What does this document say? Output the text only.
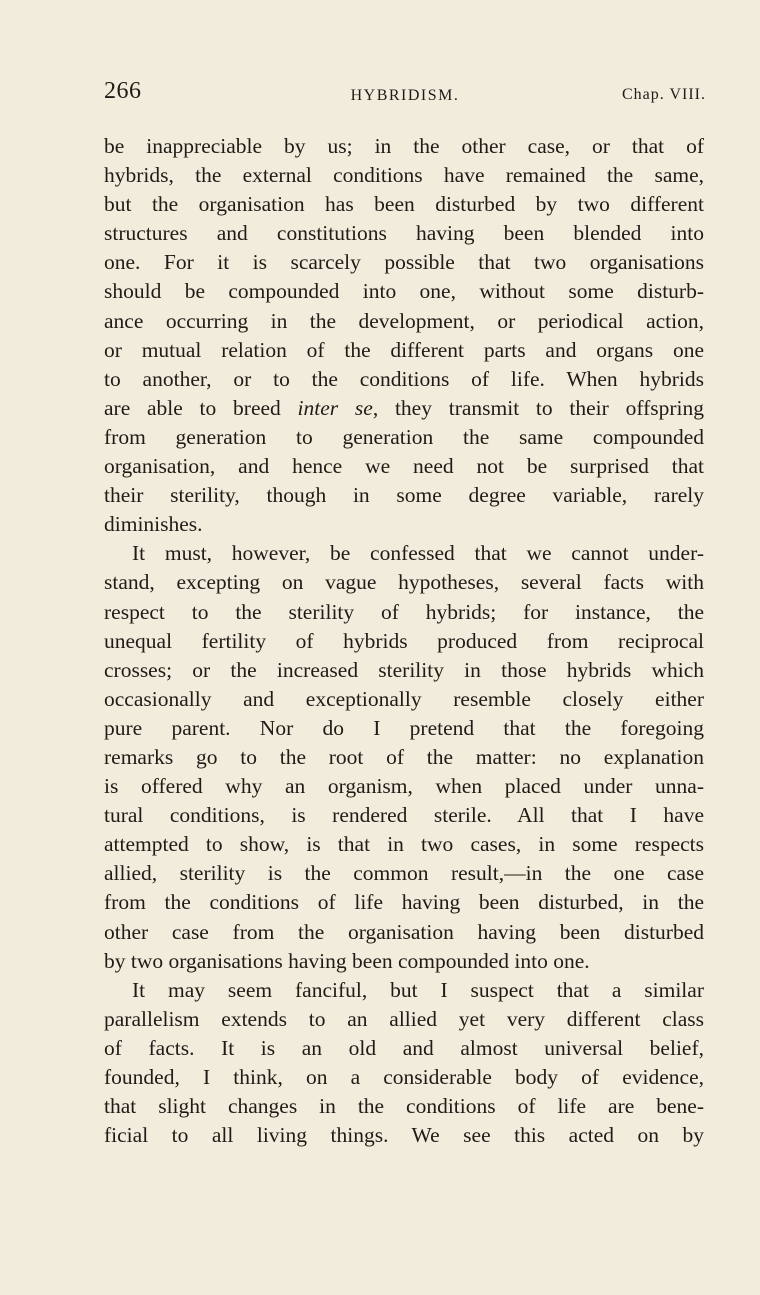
266	HYBRIDISM.	Chap. VIII.
be inappreciable by us; in the other case, or that of
hybrids, the external conditions have remained the same,
but the organisation has been disturbed by two different
structures and constitutions having been blended into
one. For it is scarcely possible that two organisations
should be compounded into one, without some disturb-
ance occurring in the development, or periodical action,
or mutual relation of the different parts and organs one
to another, or to the conditions of life. When hybrids
are able to breed inter se, they transmit to their offspring
from generation to generation the same compounded
organisation, and hence we need not be surprised that
their sterility, though in some degree variable, rarely
diminishes.
It must, however, be confessed that we cannot under-
stand, excepting on vague hypotheses, several facts with
respect to the sterility of hybrids; for instance, the
unequal fertility of hybrids produced from reciprocal
crosses; or the increased sterility in those hybrids which
occasionally and exceptionally resemble closely either
pure parent. Nor do I pretend that the foregoing
remarks go to the root of the matter: no explanation
is offered why an organism, when placed under unna-
tural conditions, is rendered sterile. All that I have
attempted to show, is that in two cases, in some respects
allied, sterility is the common result,—in the one case
from the conditions of life having been disturbed, in the
other case from the organisation having been disturbed
by two organisations having been compounded into one.
It may seem fanciful, but I suspect that a similar
parallelism extends to an allied yet very different class
of facts. It is an old and almost universal belief,
founded, I think, on a considerable body of evidence,
that slight changes in the conditions of life are bene-
ficial to all living things. We see this acted on by
